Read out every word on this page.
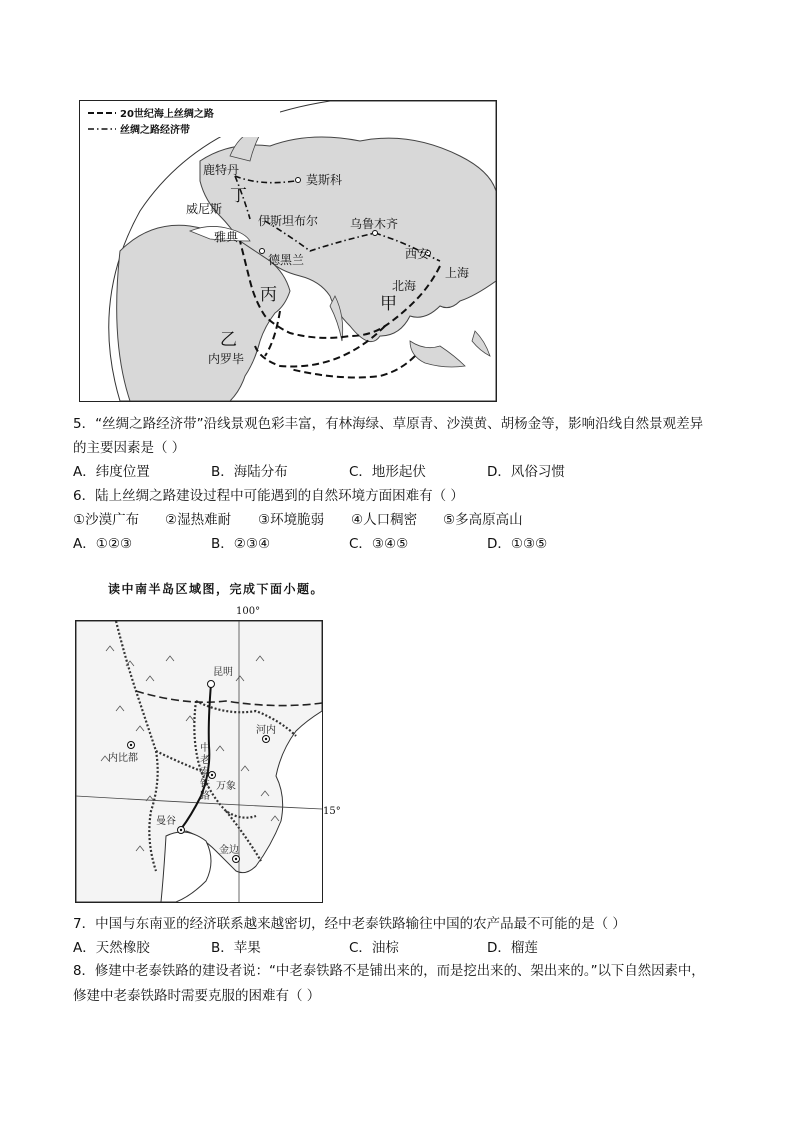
20世纪海上丝绸之路
丝绸之路经济带
鹿特丹
莫斯科
丁
威尼斯
伊斯坦布尔	乌鲁木齐
雅典
西安
德黑兰
上海
北海
丙	甲
乙
内罗毕
5．“丝绸之路经济带”沿线景观色彩丰富，有林海绿、草原青、沙漠黄、胡杨金等，影响沿线自然景观差异
的主要因素是（ ）
A．纬度位置	B．海陆分布	C．地形起伏	D．风俗习惯
6．陆上丝绸之路建设过程中可能遇到的自然环境方面困难有（ ）
①沙漠广布 ②湿热难耐 ③环境脆弱 ④人口稠密 ⑤多高原高山
A．①②③	B．②③④	C．③④⑤	D．①③⑤
读中南半岛区域图，完成下面小题。
100°
昆明
河内
内比都
中
老
泰
铁
路
万象
曼谷
金边
15°
7．中国与东南亚的经济联系越来越密切，经中老泰铁路输往中国的农产品最不可能的是（ ）
A．天然橡胶	B．苹果	C．油棕	D．榴莲
8．修建中老泰铁路的建设者说：“中老泰铁路不是铺出来的，而是挖出来的、架出来的。”以下自然因素中，
修建中老泰铁路时需要克服的困难有（ ）
